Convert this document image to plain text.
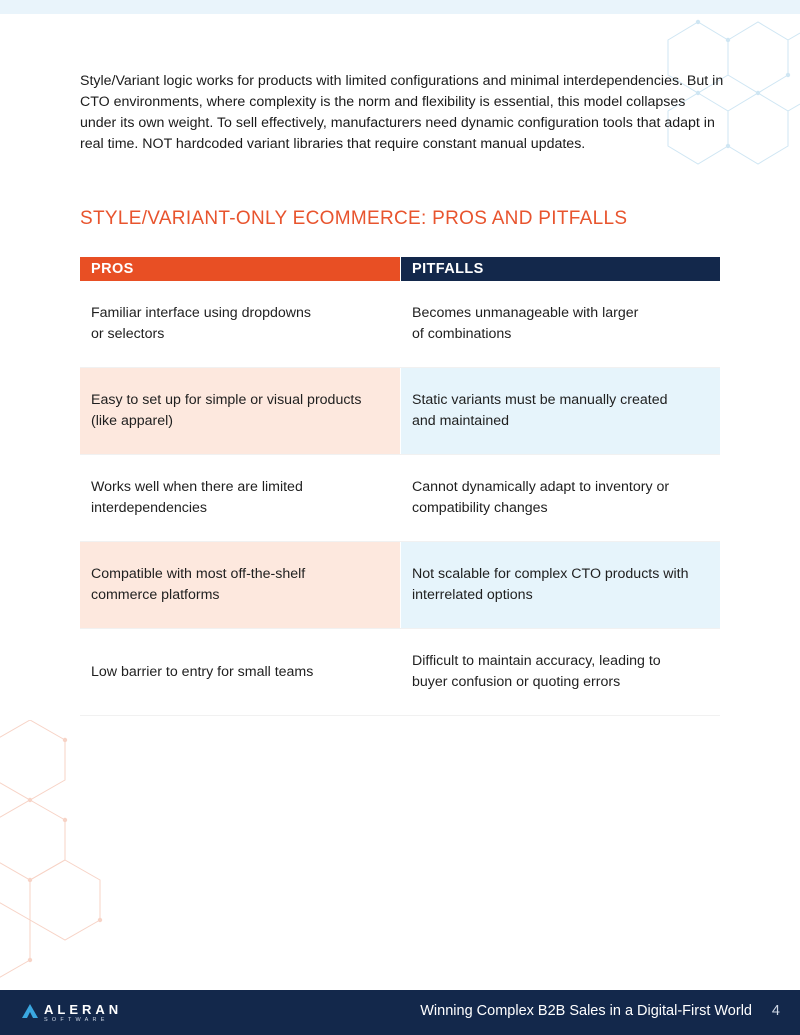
Style/Variant logic works for products with limited configurations and minimal interdependencies. But in CTO environments, where complexity is the norm and flexibility is essential, this model collapses under its own weight. To sell effectively, manufacturers need dynamic configuration tools that adapt in real time. NOT hardcoded variant libraries that require constant manual updates.

STYLE/VARIANT-ONLY ECOMMERCE: PROS AND PITFALLS
PROS	PITFALLS
Familiar interface using dropdowns
or selectors
Becomes unmanageable with larger
of combinations
Easy to set up for simple or visual products
(like apparel)
Static variants must be manually created
and maintained
Works well when there are limited
interdependencies
Cannot dynamically adapt to inventory or
compatibility changes
Compatible with most off-the-shelf
commerce platforms
Not scalable for complex CTO products with
interrelated options
Low barrier to entry for small teams
Difficult to maintain accuracy, leading to
buyer confusion or quoting errors
ALERAN
SOFTWARE
Winning Complex B2B Sales in a Digital-First World 4
